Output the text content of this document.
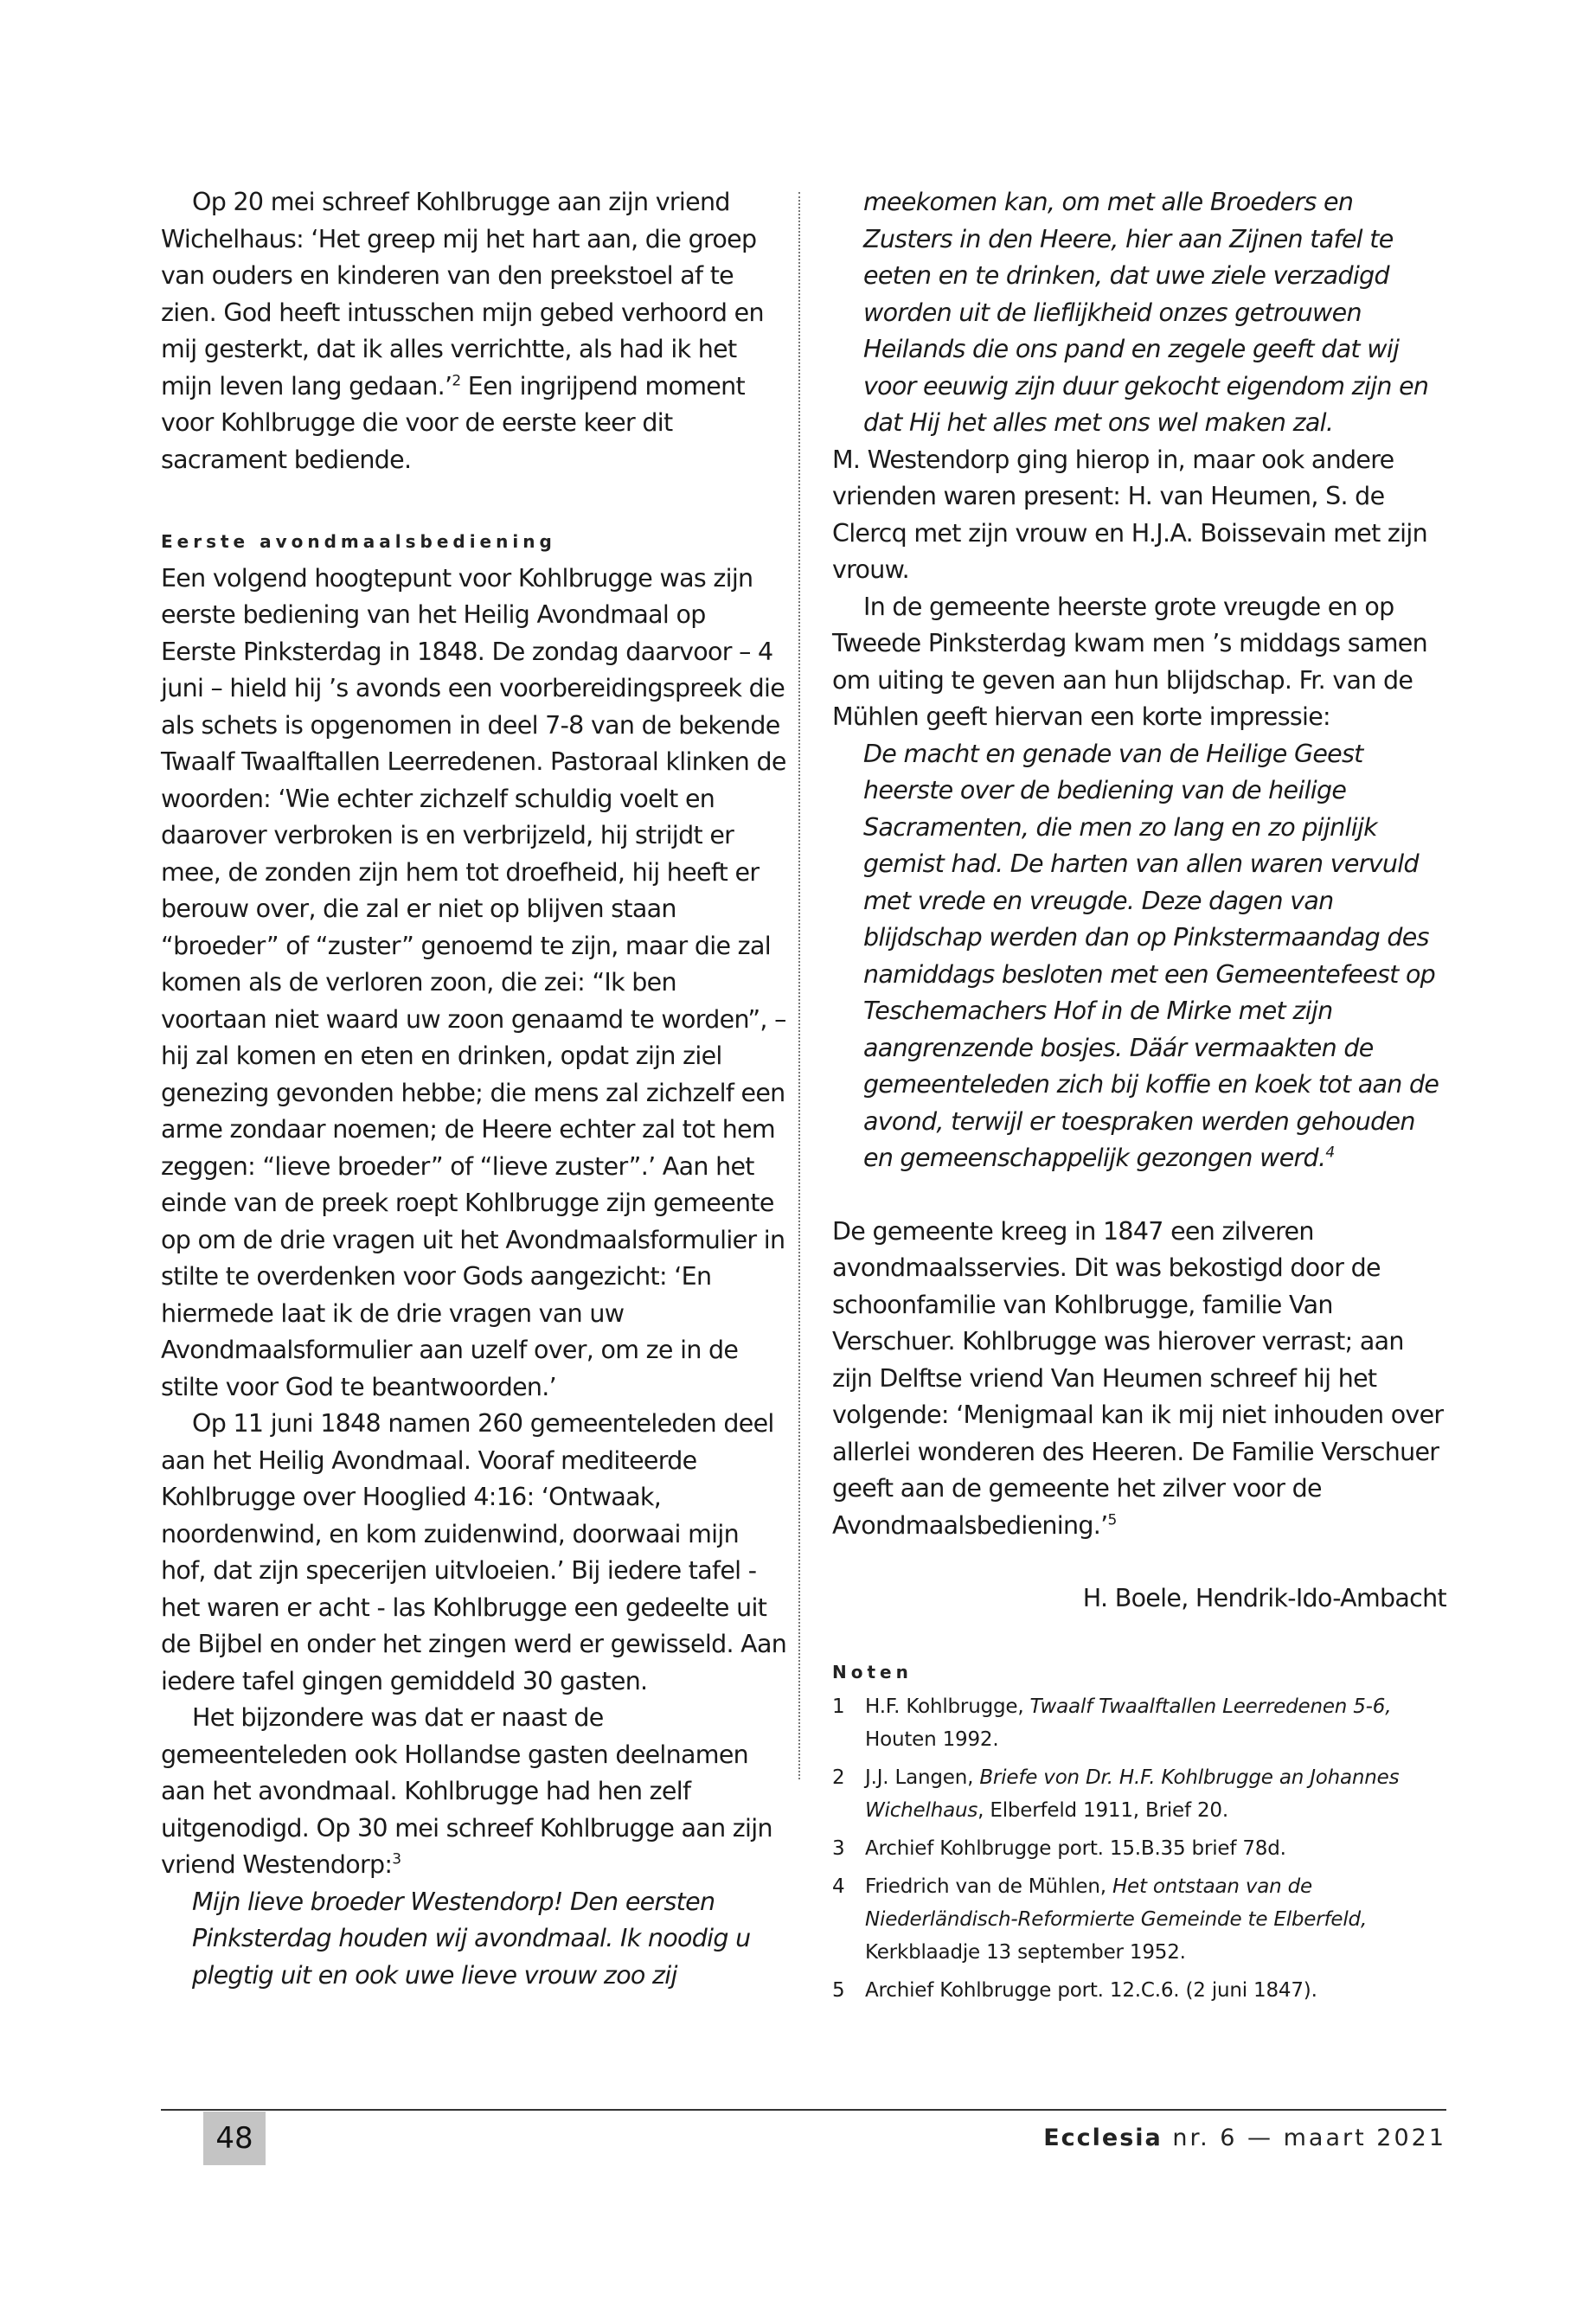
Op 20 mei schreef Kohlbrugge aan zijn vriend Wichelhaus: ‘Het greep mij het hart aan, die groep van ouders en kinderen van den preekstoel af te zien. God heeft intusschen mijn gebed verhoord en mij gesterkt, dat ik alles verrichtte, als had ik het mijn leven lang gedaan.’$^2$ Een ingrijpend moment voor Kohlbrugge die voor de eerste keer dit sacrament bediende.

Eerste avondmaalsbediening

Een volgend hoogtepunt voor Kohlbrugge was zijn eerste bediening van het Heilig Avondmaal op Eerste Pinksterdag in 1848. De zondag daarvoor – 4 juni – hield hij ’s avonds een voorbereidingspreek die als schets is opgenomen in deel 7-8 van de bekende Twaalf Twaalftallen Leerredenen. Pastoraal klinken de woorden: ‘Wie echter zichzelf schuldig voelt en daarover verbroken is en verbrijzeld, hij strijdt er mee, de zonden zijn hem tot droefheid, hij heeft er berouw over, die zal er niet op blijven staan “broeder” of “zuster” genoemd te zijn, maar die zal komen als de verloren zoon, die zei: “Ik ben voortaan niet waard uw zoon genaamd te worden”, – hij zal komen en eten en drinken, opdat zijn ziel genezing gevonden hebbe; die mens zal zichzelf een arme zondaar noemen; de Heere echter zal tot hem zeggen: “lieve broeder” of “lieve zuster”.’ Aan het einde van de preek roept Kohlbrugge zijn gemeente op om de drie vragen uit het Avondmaalsformulier in stilte te overdenken voor Gods aangezicht: ‘En hiermede laat ik de drie vragen van uw Avondmaalsformulier aan uzelf over, om ze in de stilte voor God te beantwoorden.’

Op 11 juni 1848 namen 260 gemeenteleden deel aan het Heilig Avondmaal. Vooraf mediteerde Kohlbrugge over Hooglied 4:16: ‘Ontwaak, noordenwind, en kom zuidenwind, doorwaai mijn hof, dat zijn specerijen uitvloeien.’ Bij iedere tafel - het waren er acht - las Kohlbrugge een gedeelte uit de Bijbel en onder het zingen werd er gewisseld. Aan iedere tafel gingen gemiddeld 30 gasten.

Het bijzondere was dat er naast de gemeenteleden ook Hollandse gasten deelnamen aan het avondmaal. Kohlbrugge had hen zelf uitgenodigd. Op 30 mei schreef Kohlbrugge aan zijn vriend Westendorp:$^3$

Mijn lieve broeder Westendorp! Den eersten Pinksterdag houden wij avondmaal. Ik noodig u plegtig uit en ook uwe lieve vrouw zoo zij

meekomen kan, om met alle Broeders en Zusters in den Heere, hier aan Zijnen tafel te eeten en te drinken, dat uwe ziele verzadigd worden uit de lieflijkheid onzes getrouwen Heilands die ons pand en zegele geeft dat wij voor eeuwig zijn duur gekocht eigendom zijn en dat Hij het alles met ons wel maken zal.

M. Westendorp ging hierop in, maar ook andere vrienden waren present: H. van Heumen, S. de Clercq met zijn vrouw en H.J.A. Boissevain met zijn vrouw.

In de gemeente heerste grote vreugde en op Tweede Pinksterdag kwam men ’s middags samen om uiting te geven aan hun blijdschap. Fr. van de Mühlen geeft hiervan een korte impressie:

De macht en genade van de Heilige Geest heerste over de bediening van de heilige Sacramenten, die men zo lang en zo pijnlijk gemist had. De harten van allen waren vervuld met vrede en vreugde. Deze dagen van blijdschap werden dan op Pinkstermaandag des namiddags besloten met een Gemeentefeest op Teschemachers Hof in de Mirke met zijn aangrenzende bosjes. Däár vermaakten de gemeenteleden zich bij koffie en koek tot aan de avond, terwijl er toespraken werden gehouden en gemeenschappelijk gezongen werd.$^4$

De gemeente kreeg in 1847 een zilveren avondmaalsservies. Dit was bekostigd door de schoonfamilie van Kohlbrugge, familie Van Verschuer. Kohlbrugge was hierover verrast; aan zijn Delftse vriend Van Heumen schreef hij het volgende: ‘Menigmaal kan ik mij niet inhouden over allerlei wonderen des Heeren. De Familie Verschuer geeft aan de gemeente het zilver voor de Avondmaalsbediening.’$^5$

H. Boele, Hendrik-Ido-Ambacht

Noten
1 H.F. Kohlbrugge, Twaalf Twaalftallen Leerredenen 5-6, Houten 1992.
2 J.J. Langen, Briefe von Dr. H.F. Kohlbrugge an Johannes Wichelhaus, Elberfeld 1911, Brief 20.
3 Archief Kohlbrugge port. 15.B.35 brief 78d.
4 Friedrich van de Mühlen, Het ontstaan van de Niederländisch-Reformierte Gemeinde te Elberfeld, Kerkblaadje 13 september 1952.
5 Archief Kohlbrugge port. 12.C.6. (2 juni 1847).
48	Ecclesia nr. 6 — maart 2021
